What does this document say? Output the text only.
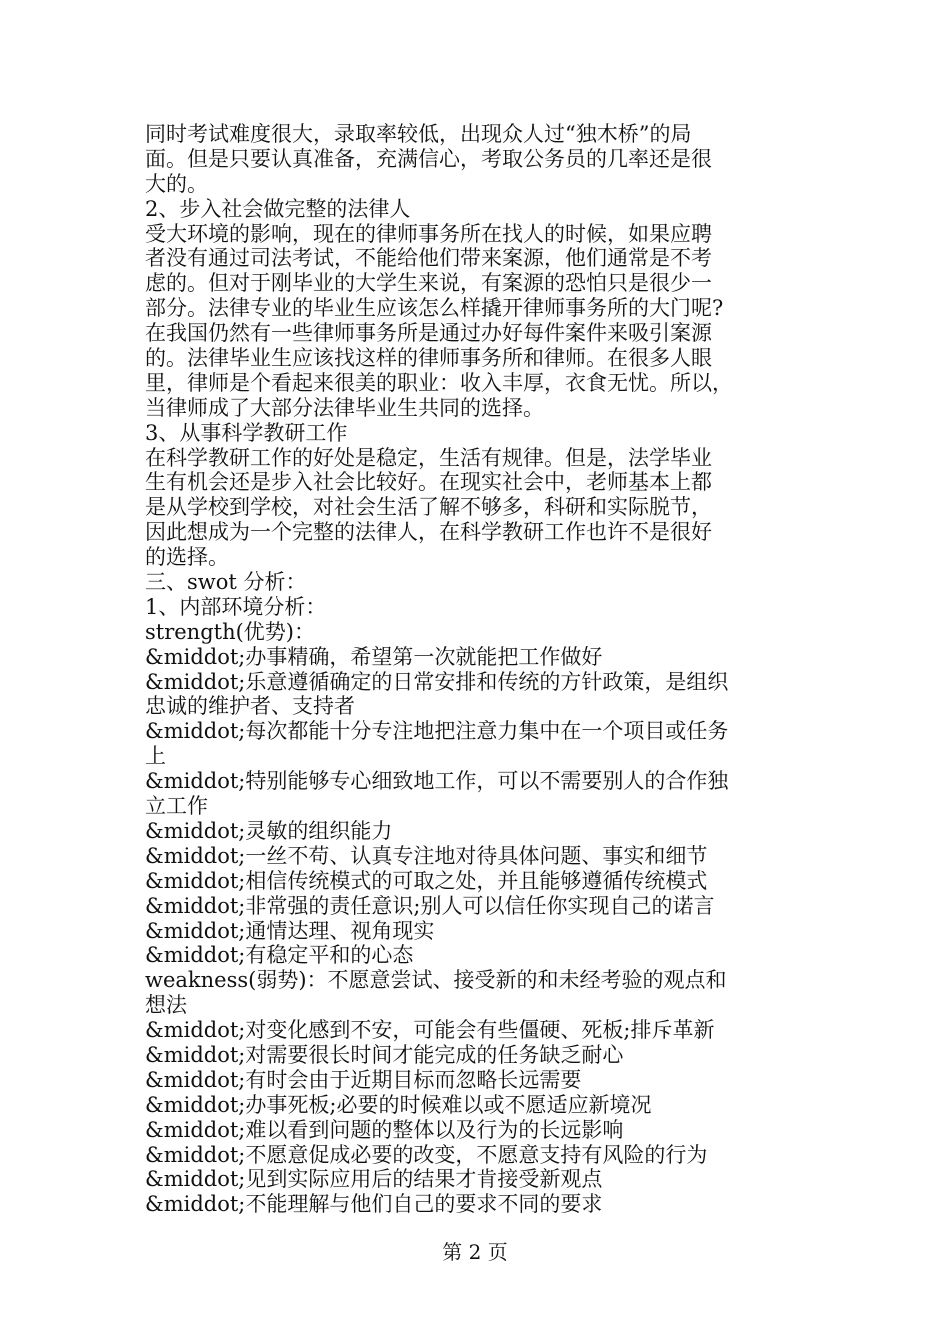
同时考试难度很大，录取率较低，出现众人过“独木桥”的局
面。但是只要认真准备，充满信心，考取公务员的几率还是很
大的。
2、步入社会做完整的法律人
受大环境的影响，现在的律师事务所在找人的时候，如果应聘
者没有通过司法考试，不能给他们带来案源，他们通常是不考
虑的。但对于刚毕业的大学生来说，有案源的恐怕只是很少一
部分。法律专业的毕业生应该怎么样撬开律师事务所的大门呢?
在我国仍然有一些律师事务所是通过办好每件案件来吸引案源
的。法律毕业生应该找这样的律师事务所和律师。在很多人眼
里，律师是个看起来很美的职业：收入丰厚，衣食无忧。所以，
当律师成了大部分法律毕业生共同的选择。
3、从事科学教研工作
在科学教研工作的好处是稳定，生活有规律。但是，法学毕业
生有机会还是步入社会比较好。在现实社会中，老师基本上都
是从学校到学校，对社会生活了解不够多，科研和实际脱节，
因此想成为一个完整的法律人，在科学教研工作也许不是很好
的选择。
三、swot 分析：
1、内部环境分析：
strength(优势)：
&middot;办事精确，希望第一次就能把工作做好
&middot;乐意遵循确定的日常安排和传统的方针政策，是组织
忠诚的维护者、支持者
&middot;每次都能十分专注地把注意力集中在一个项目或任务
上
&middot;特别能够专心细致地工作，可以不需要别人的合作独
立工作
&middot;灵敏的组织能力
&middot;一丝不苟、认真专注地对待具体问题、事实和细节
&middot;相信传统模式的可取之处，并且能够遵循传统模式
&middot;非常强的责任意识;别人可以信任你实现自己的诺言
&middot;通情达理、视角现实
&middot;有稳定平和的心态
weakness(弱势)：不愿意尝试、接受新的和未经考验的观点和
想法
&middot;对变化感到不安，可能会有些僵硬、死板;排斥革新
&middot;对需要很长时间才能完成的任务缺乏耐心
&middot;有时会由于近期目标而忽略长远需要
&middot;办事死板;必要的时候难以或不愿适应新境况
&middot;难以看到问题的整体以及行为的长远影响
&middot;不愿意促成必要的改变，不愿意支持有风险的行为
&middot;见到实际应用后的结果才肯接受新观点
&middot;不能理解与他们自己的要求不同的要求
第 2 页
